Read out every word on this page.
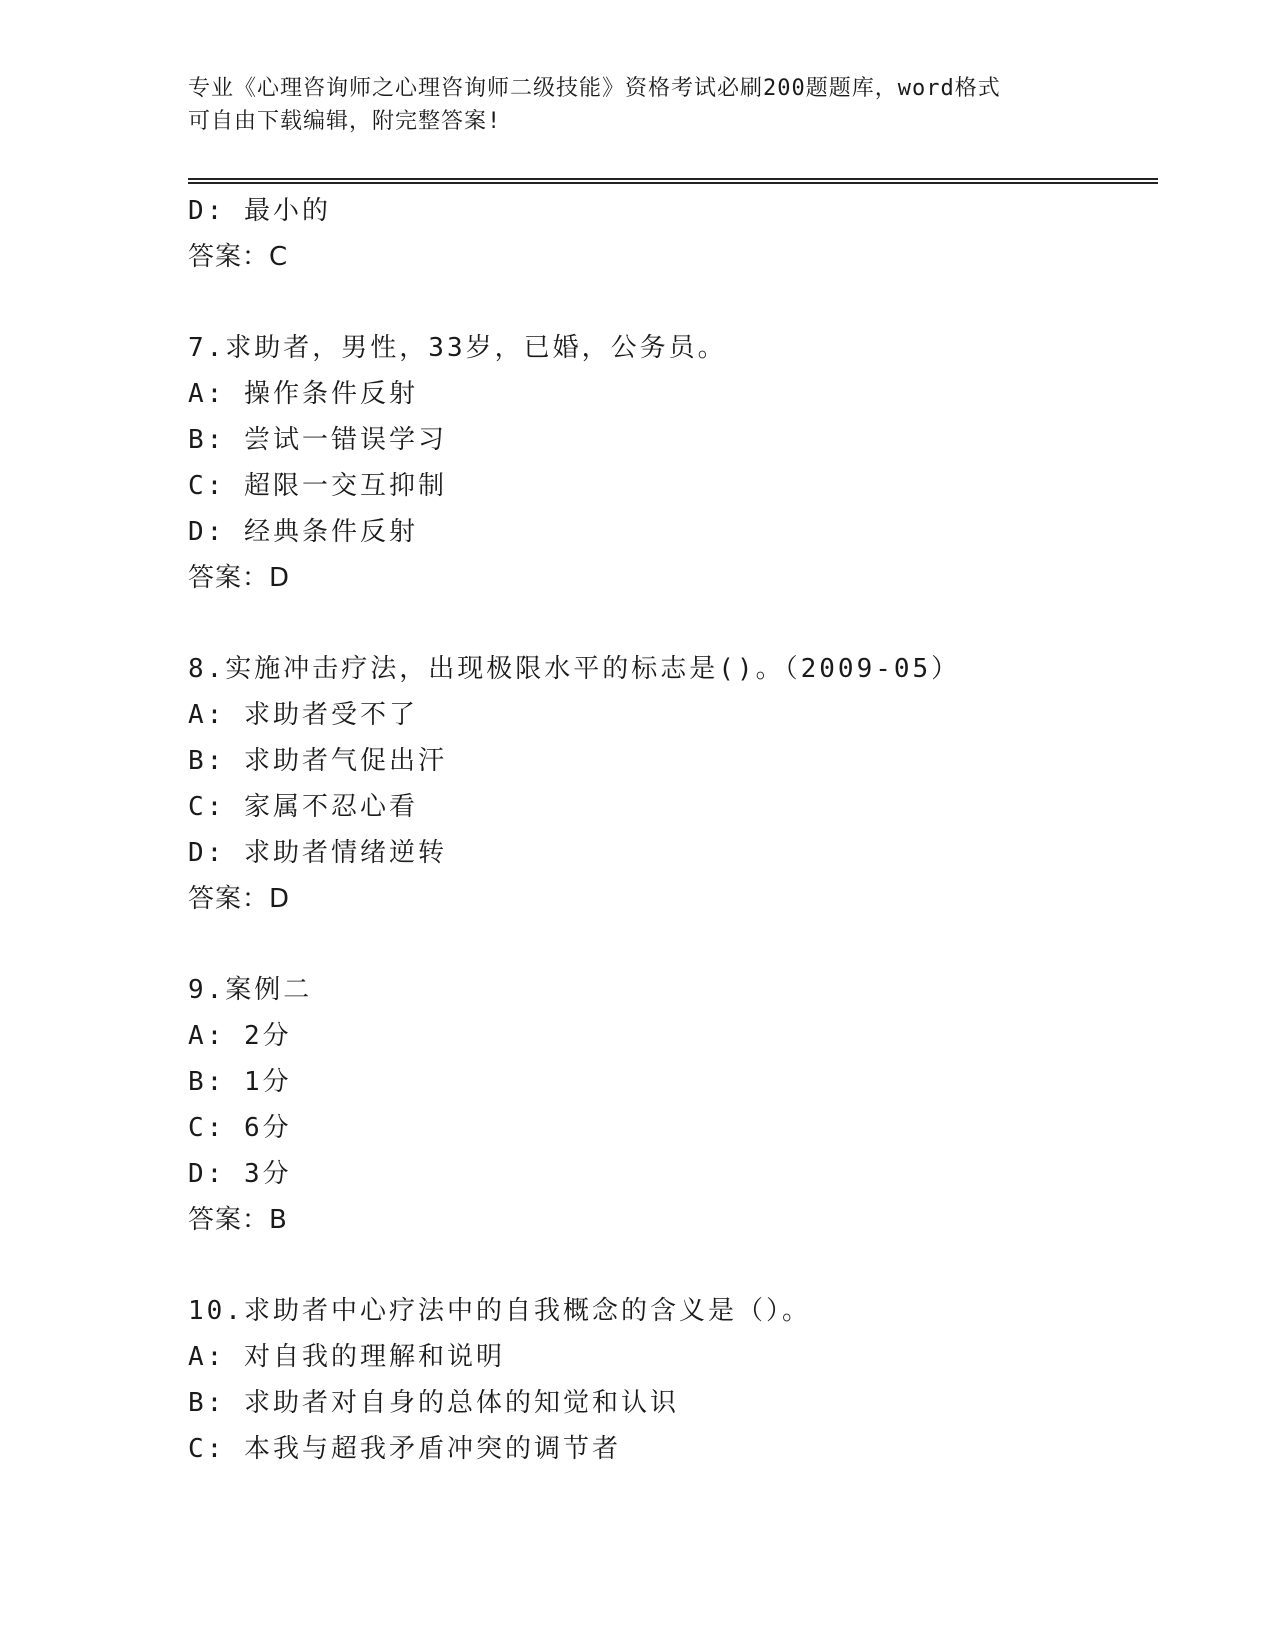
专业《心理咨询师之心理咨询师二级技能》资格考试必刷200题题库，word格式
可自由下载编辑，附完整答案!
D: 最小的
答案：C
7.求助者，男性，33岁，已婚，公务员。
A: 操作条件反射
B: 尝试一错误学习
C: 超限一交互抑制
D: 经典条件反射
答案：D
8.实施冲击疗法，出现极限水平的标志是()。（2009-05）
A: 求助者受不了
B: 求助者气促出汗
C: 家属不忍心看
D: 求助者情绪逆转
答案：D
9.案例二
A: 2分
B: 1分
C: 6分
D: 3分
答案：B
10.求助者中心疗法中的自我概念的含义是（）。
A: 对自我的理解和说明
B: 求助者对自身的总体的知觉和认识
C: 本我与超我矛盾冲突的调节者
